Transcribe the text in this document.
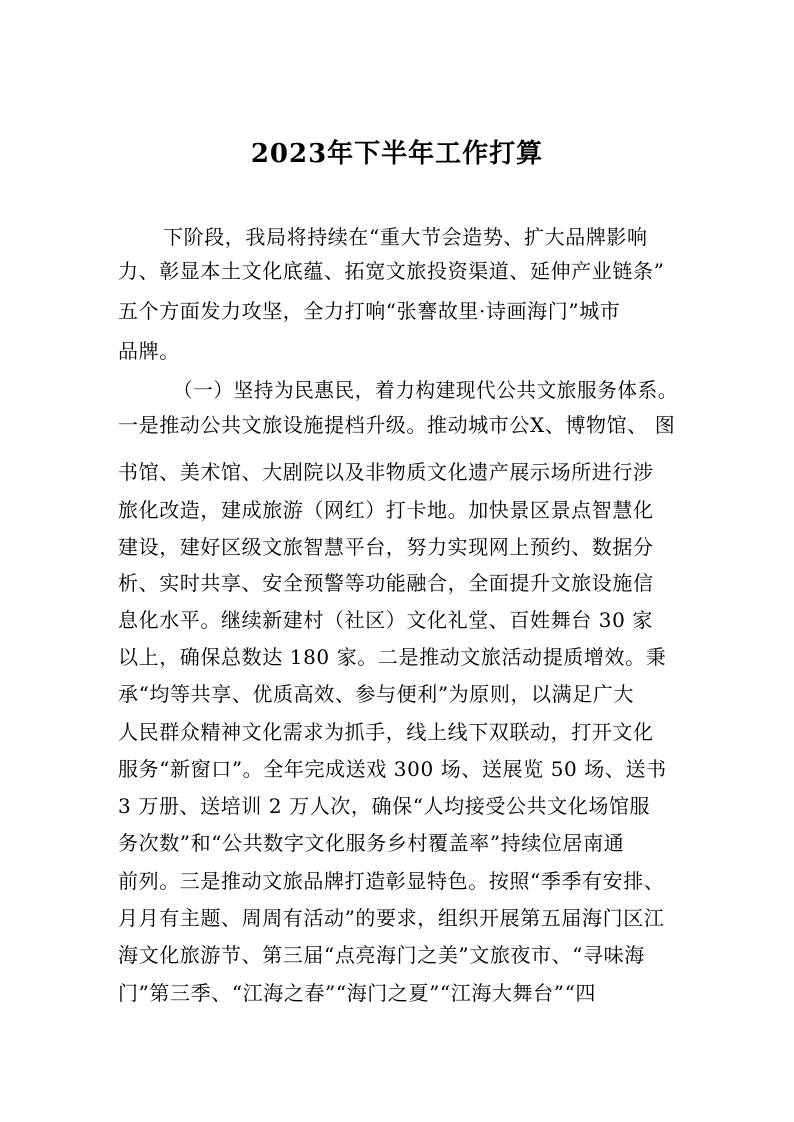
2023年下半年工作打算
下阶段，我局将持续在“重大节会造势、扩大品牌影响
力、彰显本土文化底蕴、拓宽文旅投资渠道、延伸产业链条”
五个方面发力攻坚，全力打响“张謇故里·诗画海门”城市
品牌。
（一）坚持为民惠民，着力构建现代公共文旅服务体系。
一是推动公共文旅设施提档升级。推动城市公X、博物馆、 图
书馆、美术馆、大剧院以及非物质文化遗产展示场所进行涉
旅化改造，建成旅游（网红）打卡地。加快景区景点智慧化
建设，建好区级文旅智慧平台，努力实现网上预约、数据分
析、实时共享、安全预警等功能融合，全面提升文旅设施信
息化水平。继续新建村（社区）文化礼堂、百姓舞台 30 家
以上，确保总数达 180 家。二是推动文旅活动提质增效。秉
承“均等共享、优质高效、参与便利”为原则，以满足广大
人民群众精神文化需求为抓手，线上线下双联动，打开文化
服务“新窗口”。全年完成送戏 300 场、送展览 50 场、送书
3 万册、送培训 2 万人次，确保“人均接受公共文化场馆服
务次数”和“公共数字文化服务乡村覆盖率”持续位居南通
前列。三是推动文旅品牌打造彰显特色。按照“季季有安排、
月月有主题、周周有活动”的要求，组织开展第五届海门区江
海文化旅游节、第三届“点亮海门之美”文旅夜市、“寻味海
门”第三季、“江海之春”“海门之夏”“江海大舞台”“四
